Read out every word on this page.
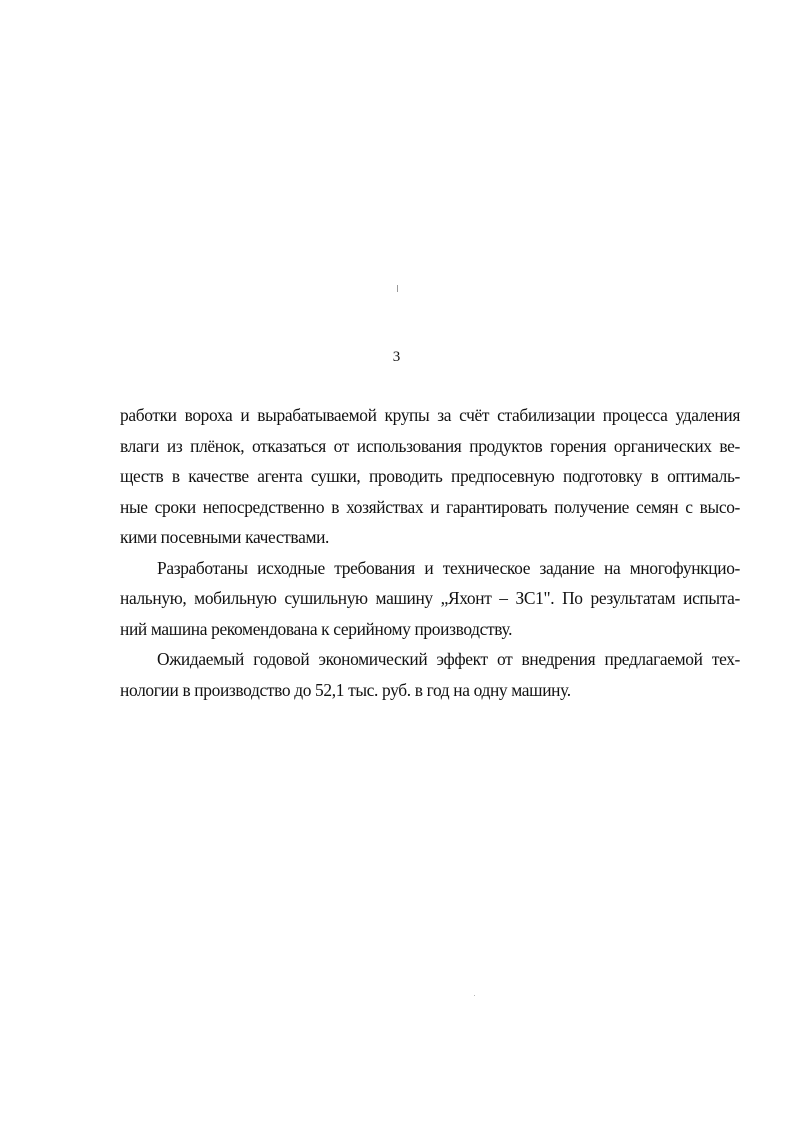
3
работки вороха и вырабатываемой крупы за счёт стабилизации процесса удаления
влаги из плёнок, отказаться от использования продуктов горения органических ве-
ществ в качестве агента сушки, проводить предпосевную подготовку в оптималь-
ные сроки непосредственно в хозяйствах и гарантировать получение семян с высо-
кими посевными качествами.
Разработаны исходные требования и техническое задание на многофункцио-
нальную, мобильную сушильную машину „Яхонт – ЗС1". По результатам испыта-
ний машина рекомендована к серийному производству.
Ожидаемый годовой экономический эффект от внедрения предлагаемой тех-
нологии в производство до 52,1 тыс. руб. в год на одну машину.
